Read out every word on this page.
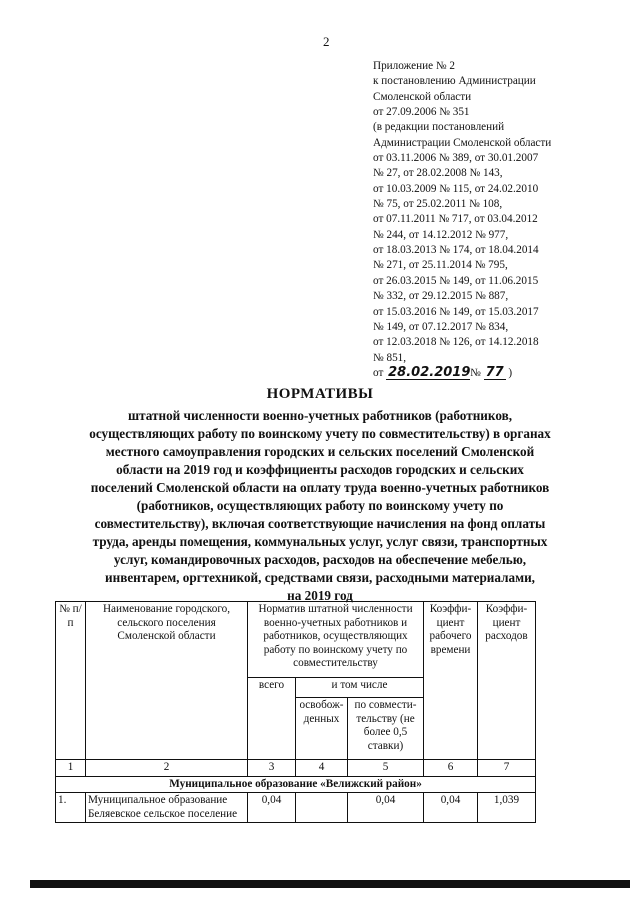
2
Приложение № 2
к постановлению Администрации
Смоленской области
от 27.09.2006 № 351
(в редакции постановлений
Администрации Смоленской области
от 03.11.2006 № 389, от 30.01.2007
№ 27, от 28.02.2008 № 143,
от 10.03.2009 № 115, от 24.02.2010
№ 75, от 25.02.2011 № 108,
от 07.11.2011 № 717, от 03.04.2012
№ 244, от 14.12.2012 № 977,
от 18.03.2013 № 174, от 18.04.2014
№ 271, от 25.11.2014 № 795,
от 26.03.2015 № 149, от 11.06.2015
№ 332, от 29.12.2015 № 887,
от 15.03.2016 № 149, от 15.03.2017
№ 149, от 07.12.2017 № 834,
от 12.03.2018 № 126, от 14.12.2018
№ 851,
от 28.02.2019№ 77 )
НОРМАТИВЫ
штатной численности военно-учетных работников (работников,
осуществляющих работу по воинскому учету по совместительству) в органах
местного самоуправления городских и сельских поселений Смоленской
области на 2019 год и коэффициенты расходов городских и сельских
поселений Смоленской области на оплату труда военно-учетных работников
(работников, осуществляющих работу по воинскому учету по
совместительству), включая соответствующие начисления на фонд оплаты
труда, аренды помещения, коммунальных услуг, услуг связи, транспортных
услуг, командировочных расходов, расходов на обеспечение мебелью,
инвентарем, оргтехникой, средствами связи, расходными материалами,
на 2019 год
№ п/п	Наименование городского, сельского поселения Смоленской области	Норматив штатной численности военно-учетных работников и работников, осуществляющих работу по воинскому учету по совместительству			Коэффи-циент рабочего времени	Коэффи-циент расходов
		всего	и том числе			
			освобож-денных	по совмести-тельству (не более 0,5 ставки)		
1	2	3	4	5	6	7
Муниципальное образование «Велижский район»						
1.	Муниципальное образование Беляевское сельское поселение	0,04		0,04	0,04	1,039
